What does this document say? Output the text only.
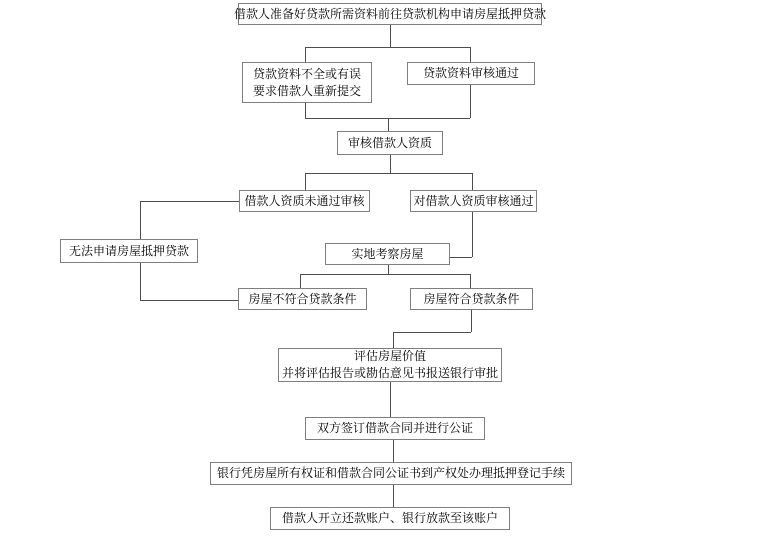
借款人准备好贷款所需资料前往贷款机构申请房屋抵押贷款
贷款资料不全或有误
要求借款人重新提交
贷款资料审核通过
审核借款人资质
借款人资质未通过审核	对借款人资质审核通过
无法申请房屋抵押贷款	实地考察房屋
房屋不符合贷款条件	房屋符合贷款条件
评估房屋价值
并将评估报告或勘估意见书报送银行审批
双方签订借款合同并进行公证
银行凭房屋所有权证和借款合同公证书到产权处办理抵押登记手续
借款人开立还款账户、银行放款至该账户
